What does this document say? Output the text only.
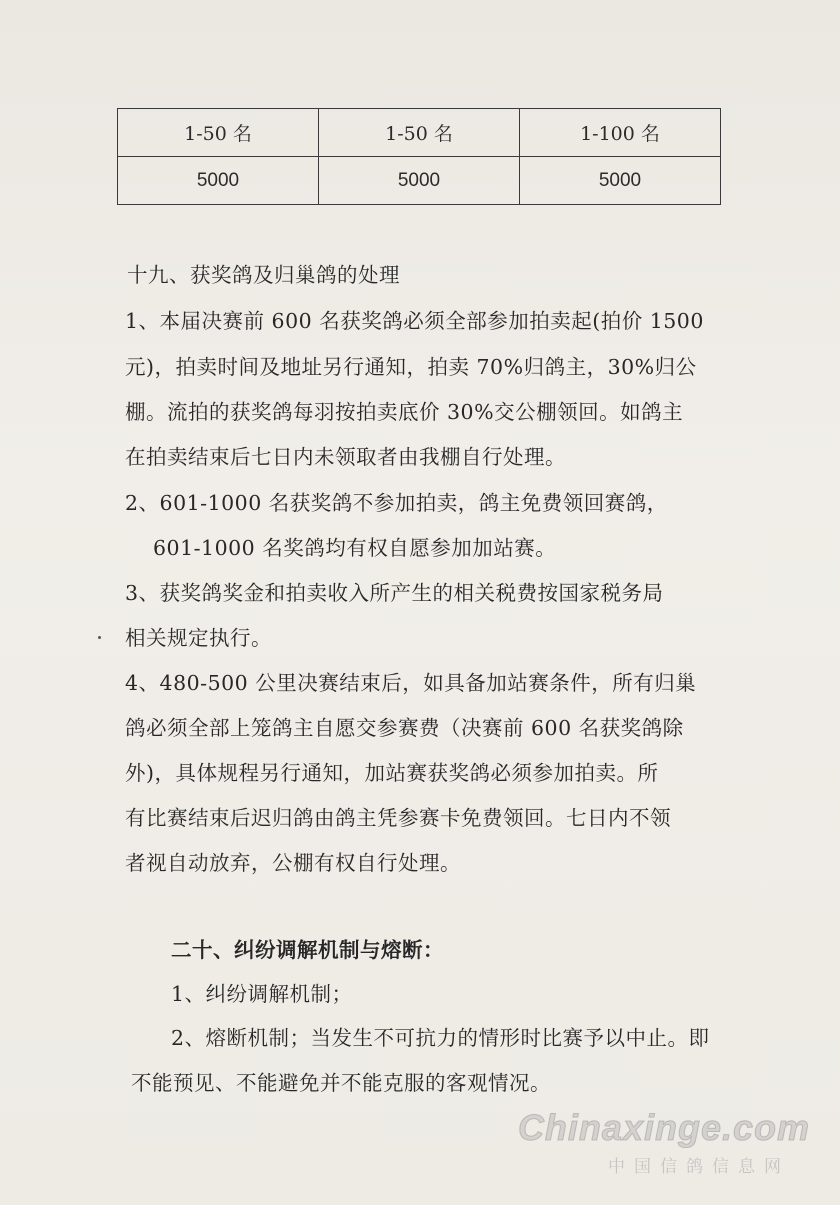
1-50 名	1-50 名	1-100 名
5000	5000	5000
十九、获奖鸽及归巢鸽的处理
1、本届决赛前 600 名获奖鸽必须全部参加拍卖起(拍价 1500
元)，拍卖时间及地址另行通知，拍卖 70%归鸽主，30%归公
棚。流拍的获奖鸽每羽按拍卖底价 30%交公棚领回。如鸽主
在拍卖结束后七日内未领取者由我棚自行处理。
2、601-1000 名获奖鸽不参加拍卖，鸽主免费领回赛鸽，
601-1000 名奖鸽均有权自愿参加加站赛。
3、获奖鸽奖金和拍卖收入所产生的相关税费按国家税务局
相关规定执行。
4、480-500 公里决赛结束后，如具备加站赛条件，所有归巢
鸽必须全部上笼鸽主自愿交参赛费（决赛前 600 名获奖鸽除
外)，具体规程另行通知，加站赛获奖鸽必须参加拍卖。所
有比赛结束后迟归鸽由鸽主凭参赛卡免费领回。七日内不领
者视自动放弃，公棚有权自行处理。
二十、纠纷调解机制与熔断：
1、纠纷调解机制；
2、熔断机制；当发生不可抗力的情形时比赛予以中止。即
不能预见、不能避免并不能克服的客观情况。
Chinaxinge.com
中国信鸽信息网
